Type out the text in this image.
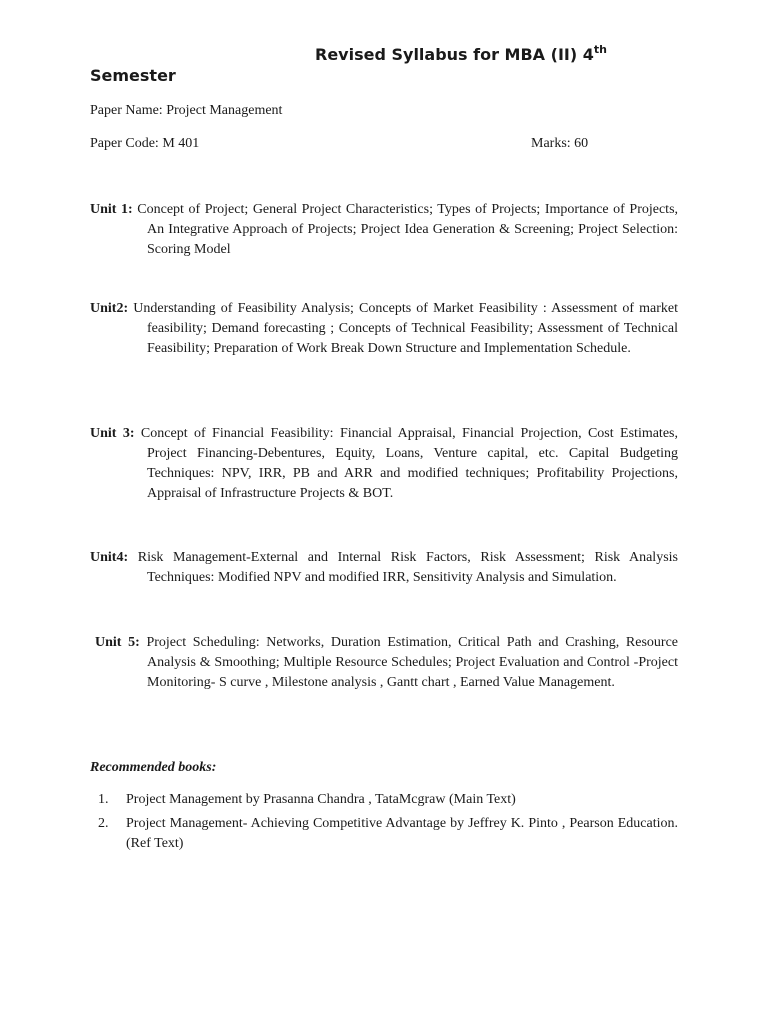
Revised Syllabus for MBA (II) 4th
Semester
Paper Name: Project Management
Paper Code: M 401	Marks: 60
Unit 1: Concept of Project; General Project Characteristics; Types of Projects; Importance of Projects, An Integrative Approach of Projects; Project Idea Generation & Screening; Project Selection: Scoring Model
Unit2: Understanding of Feasibility Analysis; Concepts of Market Feasibility : Assessment of market feasibility; Demand forecasting ; Concepts of Technical Feasibility; Assessment of Technical Feasibility; Preparation of Work Break Down Structure and Implementation Schedule.
Unit 3: Concept of Financial Feasibility: Financial Appraisal, Financial Projection, Cost Estimates, Project Financing-Debentures, Equity, Loans, Venture capital, etc. Capital Budgeting Techniques: NPV, IRR, PB and ARR and modified techniques; Profitability Projections, Appraisal of Infrastructure Projects & BOT.
Unit4: Risk Management-External and Internal Risk Factors, Risk Assessment; Risk Analysis Techniques: Modified NPV and modified IRR, Sensitivity Analysis and Simulation.
Unit 5: Project Scheduling: Networks, Duration Estimation, Critical Path and Crashing, Resource Analysis & Smoothing; Multiple Resource Schedules; Project Evaluation and Control -Project Monitoring- S curve , Milestone analysis , Gantt chart , Earned Value Management.
Recommended books:
1. Project Management by Prasanna Chandra , TataMcgraw (Main Text)
2. Project Management- Achieving Competitive Advantage by Jeffrey K. Pinto , Pearson Education.(Ref Text)
